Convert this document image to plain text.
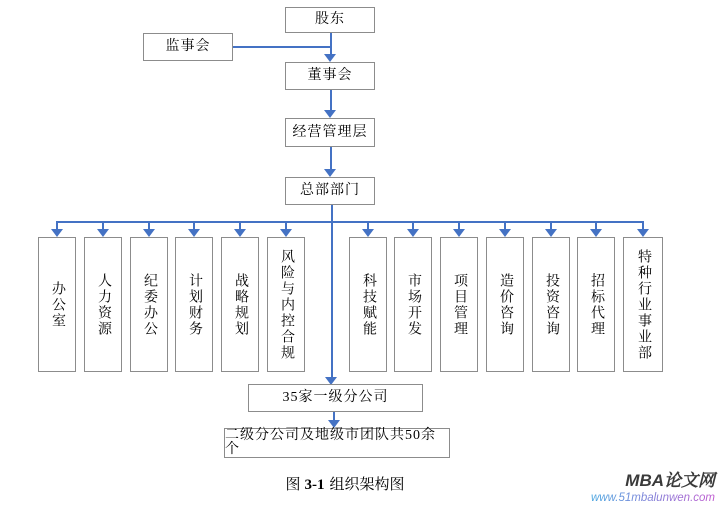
股东
监事会
董事会
经营管理层
总部部门
办公室 人力资源 纪委办公 计划财务 战略规划 风险与内控合规	科技赋能 市场开发 项目管理 造价咨询 投资咨询 招标代理 特种行业事业部
35家一级分公司
二级分公司及地级市团队共50余个
图 3-1 组织架构图	MBA论文网
www.51mbalunwen.com
